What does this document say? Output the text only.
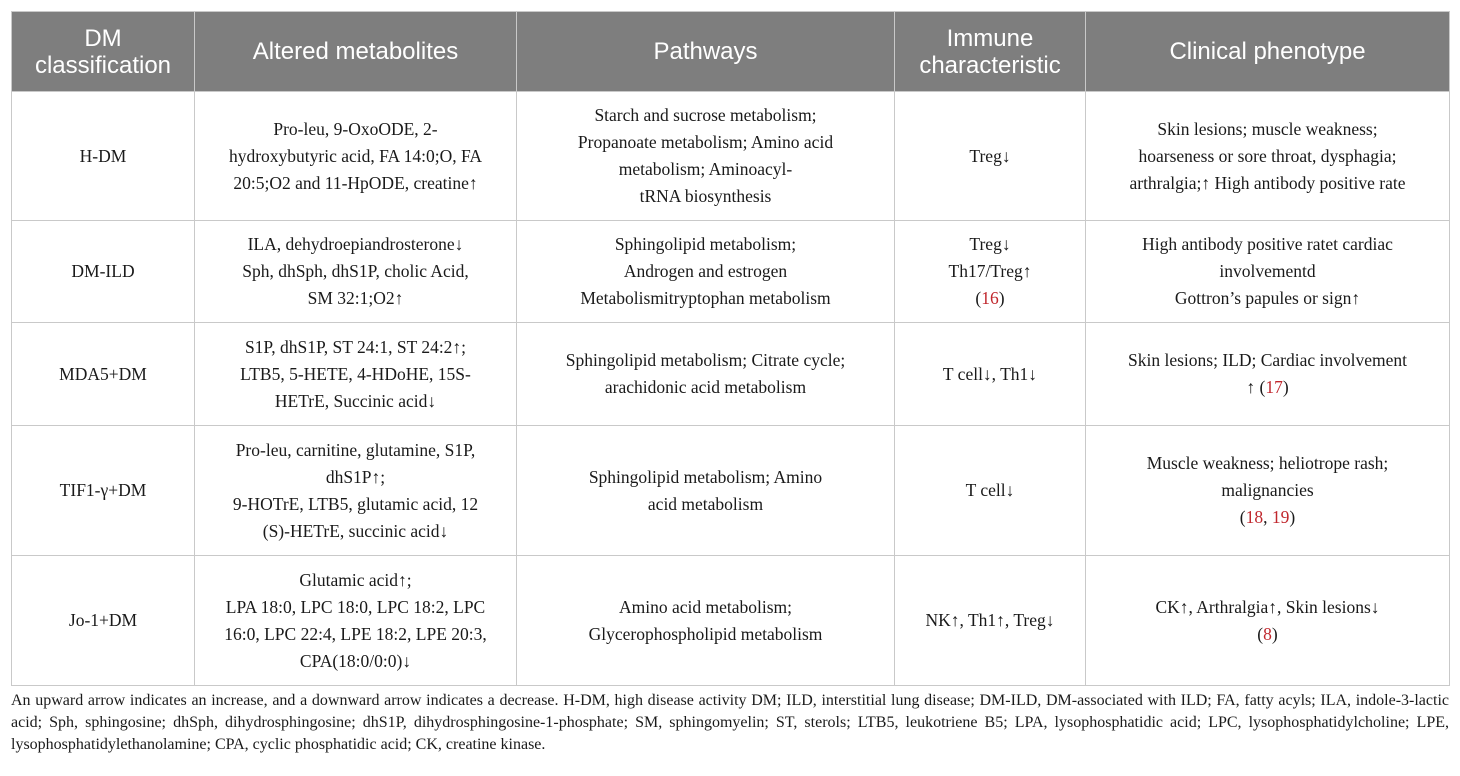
DM
classification	Altered metabolites	Pathways	Immune
characteristic	Clinical phenotype

H-DM	Pro-leu, 9-OxoODE, 2-
hydroxybutyric acid, FA 14:0;O, FA
20:5;O2 and 11-HpODE, creatine↑	Starch and sucrose metabolism;
Propanoate metabolism; Amino acid
metabolism; Aminoacyl-
tRNA biosynthesis	Treg↓	Skin lesions; muscle weakness;
hoarseness or sore throat, dysphagia;
arthralgia;↑ High antibody positive rate

DM-ILD	ILA, dehydroepiandrosterone↓
Sph, dhSph, dhS1P, cholic Acid,
SM 32:1;O2↑	Sphingolipid metabolism;
Androgen and estrogen
Metabolismitryptophan metabolism	Treg↓
Th17/Treg↑
(16)	High antibody positive ratet cardiac
involvementd
Gottron’s papules or sign↑

MDA5+DM	S1P, dhS1P, ST 24:1, ST 24:2↑;
LTB5, 5-HETE, 4-HDoHE, 15S-
HETrE, Succinic acid↓	Sphingolipid metabolism; Citrate cycle;
arachidonic acid metabolism	T cell↓, Th1↓	Skin lesions; ILD; Cardiac involvement
↑ (17)

TIF1-γ+DM	Pro-leu, carnitine, glutamine, S1P,
dhS1P↑;
9-HOTrE, LTB5, glutamic acid, 12
(S)-HETrE, succinic acid↓	Sphingolipid metabolism; Amino
acid metabolism	T cell↓	Muscle weakness; heliotrope rash;
malignancies
(18, 19)

Jo-1+DM	Glutamic acid↑;
LPA 18:0, LPC 18:0, LPC 18:2, LPC
16:0, LPC 22:4, LPE 18:2, LPE 20:3,
CPA(18:0/0:0)↓	Amino acid metabolism;
Glycerophospholipid metabolism	NK↑, Th1↑, Treg↓	CK↑, Arthralgia↑, Skin lesions↓
(8)

An upward arrow indicates an increase, and a downward arrow indicates a decrease. H-DM, high disease activity DM; ILD, interstitial lung disease; DM-ILD, DM-associated with ILD; FA, fatty acyls; ILA, indole-3-lactic acid; Sph, sphingosine; dhSph, dihydrosphingosine; dhS1P, dihydrosphingosine-1-phosphate; SM, sphingomyelin; ST, sterols; LTB5, leukotriene B5; LPA, lysophosphatidic acid; LPC, lysophosphatidylcholine; LPE, lysophosphatidylethanolamine; CPA, cyclic phosphatidic acid; CK, creatine kinase.
